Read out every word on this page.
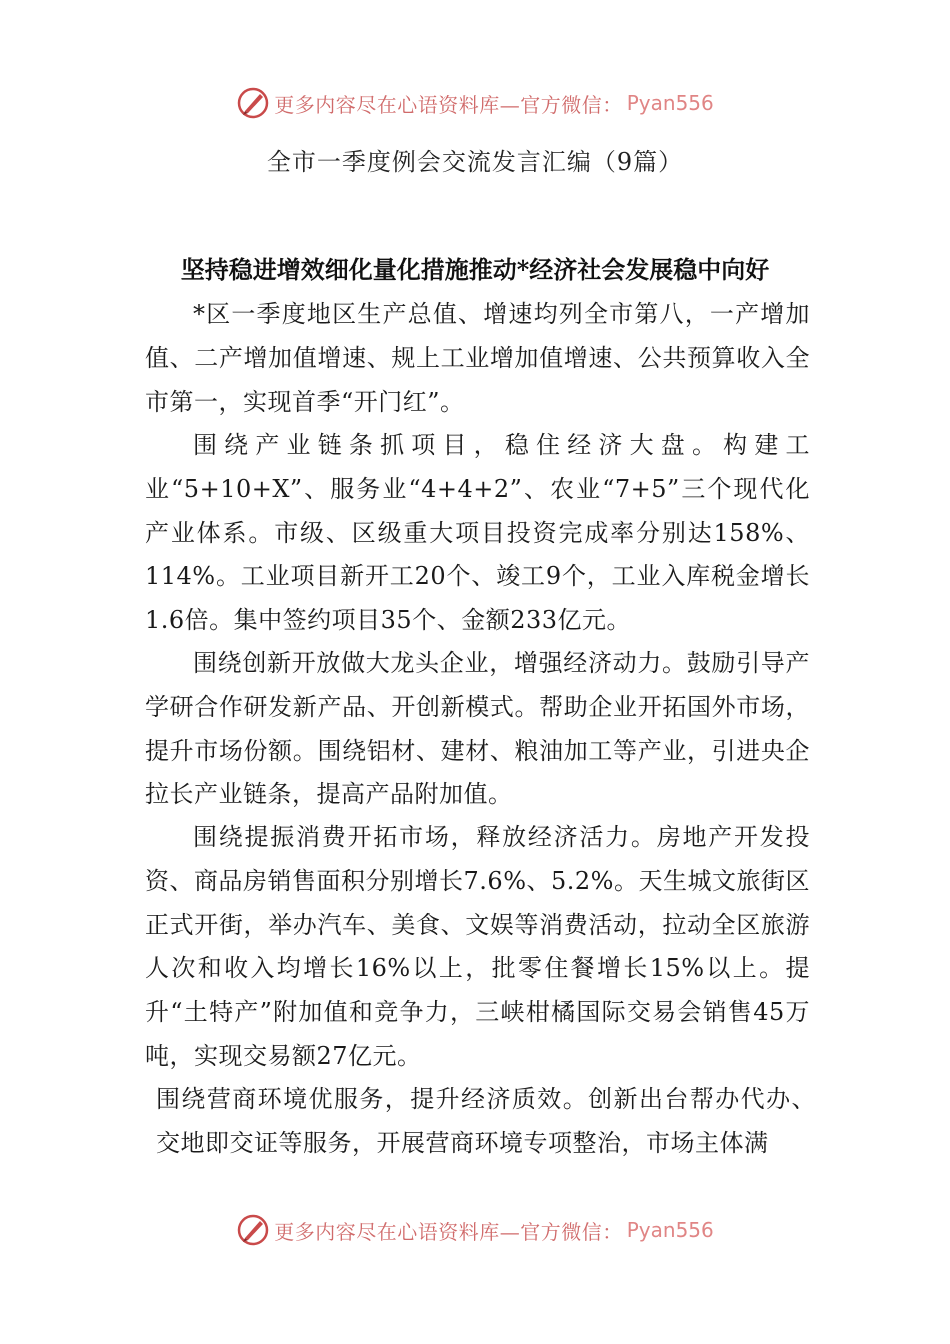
更多内容尽在心语资料库—官方微信： Pyan556
全市一季度例会交流发言汇编（9篇）
坚持稳进增效细化量化措施推动*经济社会发展稳中向好

*区一季度地区生产总值、增速均列全市第八，一产增加值、二产增加值增速、规上工业增加值增速、公共预算收入全市第一，实现首季“开门红”。

围绕产业链条抓项目，稳住经济大盘。构建工业“5+10+X”、服务业“4+4+2”、农业“7+5”三个现代化产业体系。市级、区级重大项目投资完成率分别达158%、114%。工业项目新开工20个、竣工9个，工业入库税金增长1.6倍。集中签约项目35个、金额233亿元。

围绕创新开放做大龙头企业，增强经济动力。鼓励引导产学研合作研发新产品、开创新模式。帮助企业开拓国外市场，提升市场份额。围绕铝材、建材、粮油加工等产业，引进央企拉长产业链条，提高产品附加值。

围绕提振消费开拓市场，释放经济活力。房地产开发投资、商品房销售面积分别增长7.6%、5.2%。天生城文旅街区正式开街，举办汽车、美食、文娱等消费活动，拉动全区旅游人次和收入均增长16%以上，批零住餐增长15%以上。提升“土特产”附加值和竞争力，三峡柑橘国际交易会销售45万吨，实现交易额27亿元。

围绕营商环境优服务，提升经济质效。创新出台帮办代办、交地即交证等服务，开展营商环境专项整治，市场主体满

更多内容尽在心语资料库—官方微信： Pyan556
